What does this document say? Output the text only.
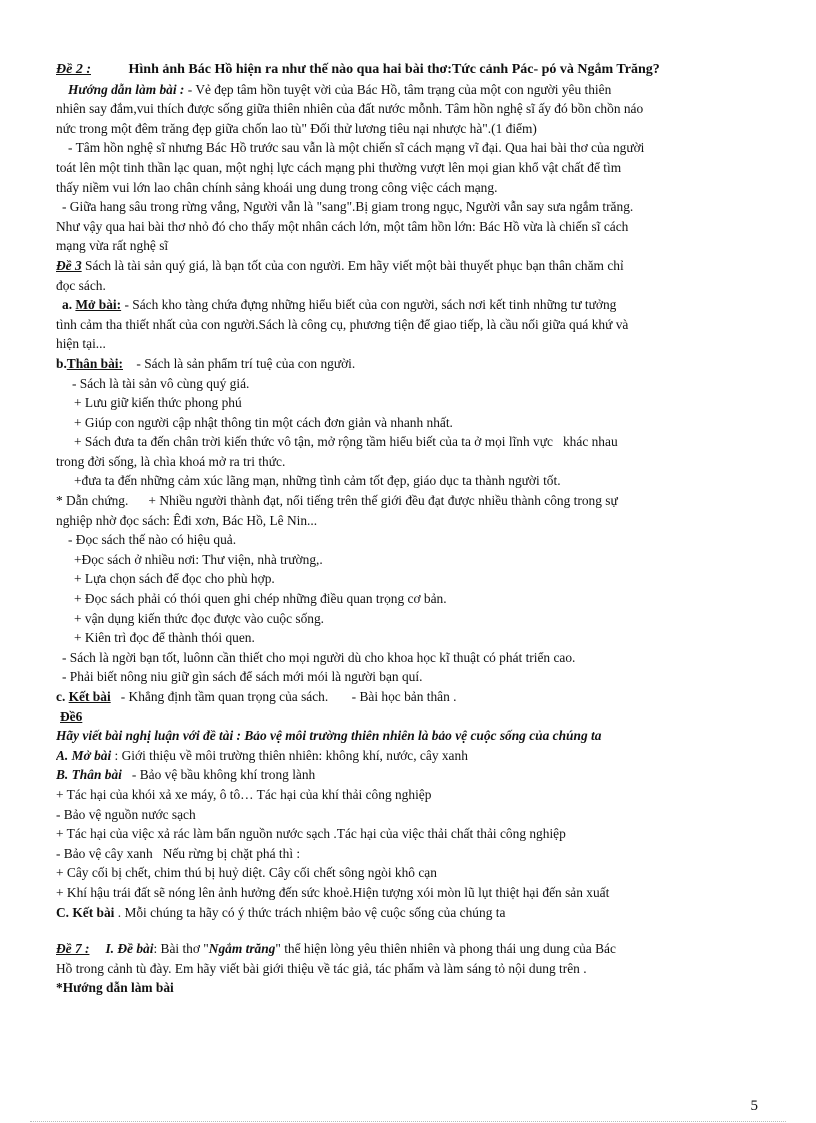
Đề 2 :	Hình ảnh Bác Hồ hiện ra như thế nào qua hai bài thơ:Tức cảnh Pác- pó và Ngắm Trăng?

Hướng dẫn làm bài : - Vẻ đẹp tâm hồn tuyệt vời của Bác Hồ, tâm trạng của một con người yêu thiên

nhiên say đắm,vui thích được sống giữa thiên nhiên của đất nước mỗnh. Tâm hồn nghệ sĩ ấy đó bồn chồn náo

nức trong một đêm trăng đẹp giữa chốn lao tù" Đối thử lương tiêu nại nhược hà".(1 điểm)

- Tâm hồn nghệ sĩ nhưng Bác Hồ trước sau vẫn là một chiến sĩ cách mạng vĩ đại. Qua hai bài thơ của người

toát lên một tinh thần lạc quan, một nghị lực cách mạng phi thường vượt lên mọi gian khổ vật chất để tìm

thấy niềm vui lớn lao chân chính sảng khoái ung dung trong công việc cách mạng.

- Giữa hang sâu trong rừng vắng, Người vẫn là "sang".Bị giam trong ngục, Người vẫn say sưa ngắm trăng.

Như vậy qua hai bài thơ nhỏ đó cho thấy một nhân cách lớn, một tâm hồn lớn: Bác Hồ vừa là chiến sĩ cách

mạng vừa rất nghệ sĩ

Đề 3 Sách là tài sản quý giá, là bạn tốt của con người. Em hãy viết một bài thuyết phục bạn thân chăm chỉ

đọc sách.

a. Mở bài: - Sách kho tàng chứa đựng những hiểu biết của con người, sách nơi kết tinh những tư tưởng

tình cảm tha thiết nhất của con người.Sách là công cụ, phương tiện để giao tiếp, là cầu nối giữa quá khứ và

hiện tại...

b.Thân bài:    - Sách là sản phẩm trí tuệ của con người.

- Sách là tài sản vô cùng quý giá.

+ Lưu giữ kiến thức phong phú

+ Giúp con người cập nhật thông tin một cách đơn giản và nhanh nhất.

+ Sách đưa ta đến chân trời kiến thức vô tận, mở rộng tầm hiểu biết của ta ở mọi lĩnh vực   khác nhau

trong đời sống, là chìa khoá mở ra tri thức.

+đưa ta đến những cảm xúc lãng mạn, những tình cảm tốt đẹp, giáo dục ta thành người tốt.

* Dẫn chứng.      + Nhiều người thành đạt, nổi tiếng trên thế giới đều đạt được nhiều thành công trong sự

nghiệp nhờ đọc sách: Êđi xơn, Bác Hồ, Lê Nin...

- Đọc sách thế nào có hiệu quả.

+Đọc sách ở nhiều nơi: Thư viện, nhà trường,.

+ Lựa chọn sách để đọc cho phù hợp.

+ Đọc sách phải có thói quen ghi chép những điều quan trọng cơ bản.

+ vận dụng kiến thức đọc được vào cuộc sống.

+ Kiên trì đọc để thành thói quen.

- Sách là ngời bạn tốt, luônn cần thiết cho mọi người dù cho khoa học kĩ thuật có phát triển cao.

- Phải biết nông niu giữ gìn sách để sách mới mói là người bạn quí.

c. Kết bài   - Khẳng định tầm quan trọng của sách.       - Bài học bản thân .

Đề6

Hãy viết bài nghị luận với đề tài : Bảo vệ môi trường thiên nhiên là bảo vệ cuộc sống của chúng ta

A. Mở bài : Giới thiệu về môi trường thiên nhiên: không khí, nước, cây xanh

B. Thân bài   - Bảo vệ bầu không khí trong lành

+ Tác hại của khói xả xe máy, ô tô… Tác hại của khí thải công nghiệp

- Bảo vệ nguồn nước sạch

+ Tác hại của việc xả rác làm bẩn nguồn nước sạch .Tác hại của việc thải chất thải công nghiệp

- Bảo vệ cây xanh   Nếu rừng bị chặt phá thì :

+ Cây cối bị chết, chim thú bị huỷ diệt. Cây cối chết sông ngòi khô cạn

+ Khí hậu trái đất sẽ nóng lên ảnh hưởng đến sức khoẻ.Hiện tượng xói mòn lũ lụt thiệt hại đến sản xuất

C. Kết bài . Mỗi chúng ta hãy có ý thức trách nhiệm bảo vệ cuộc sống của chúng ta

Đề 7 : I. Đề bài: Bài thơ "Ngắm trăng" thể hiện lòng yêu thiên nhiên và phong thái ung dung của Bác

Hồ trong cảnh tù đày. Em hãy viết bài giới thiệu về tác giả, tác phẩm và làm sáng tỏ nội dung trên .

*Hướng dẫn làm bài

5
